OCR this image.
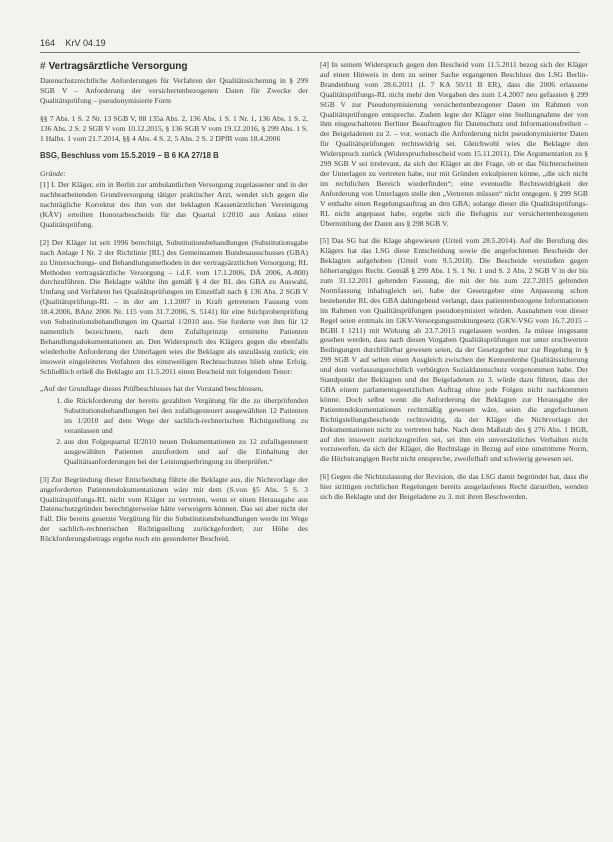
164 KrV 04.19
# Vertragsärztliche Versorgung

Datenschutzrechtliche Anforderungen für Verfahren der Qualitätssicherung in § 299 SGB V – Anforderung der versichertenbezogenen Daten für Zwecke der Qualitätsprüfung – pseudonymisierte Form

§§ 7 Abs. 1 S. 2 Nr. 13 SGB V, 88 135a Abs. 2, 136 Abs. 1 S. 1 Nr. 1, 136 Abs. 1 S. 2, 136 Abs. 2 S. 2 SGB V vom 10.12.2015, § 136 SGB V vom 19.12.2016, § 299 Abs. 1 S. 1 Halbs. 1 vom 21.7.2014, §§ 4 Abs. 4 S. 2, 5 Abs. 2 S. 2 DPfR vom 18.4.2006

BSG, Beschluss vom 15.5.2019 – B 6 KA 27/18 B
Gründe:

[1] I. Der Kläger, ein in Berlin zur ambulantlichen Versorgung zugelassener und in der nachbearbeitenden Grundversorgung tätiger praktischer Arzt, wendet sich gegen die nachträgliche Korrektur des ihm von der beklagten Kassenärztlichen Vereinigung (KÄV) erteilten Honorarbescheids für das Quartal 1/2010 aus Anlass einer Qualitätsprüfung.

[2] Der Kläger ist seit 1996 berechtigt, Substitutionsbehandlungen (Substitutionsgabe nach Anlage I Nr. 2 der Richtlinie [RL] des Gemeinsamen Bundesausschusses (GBA) zu Untersuchungs- und Behandlungsmethoden in der vertragsärztlichen Versorgung; RL Methoden vertragsärztliche Versorgung – i.d.F. vom 17.1.2006, DÄ 2006, A-800) durchzuführen. Die Beklagte wählte ihn gemäß § 4 der RL des GBA zu Auswahl, Umfang und Verfahren bei Qualitätsprüfungen im Einzelfall nach § 136 Abs. 2 SGB V (Qualitätsprüfungs-RL – in der am 1.1.2007 in Kraft getretenen Fassung vom 18.4.2006, BAnz 2006 Nr. 115 vom 31.7.2006, S. 5141) für eine Stichprobenprüfung von Substitutionsbehandlungen im Quartal 1/2010 aus. Sie forderte von ihm für 12 namentlich bezeichnete, nach dem Zufallsprinzip ermittelte Patienten Behandlungsdokumentationen an. Den Widerspruch des Klägers gegen die ebenfalls wiederholte Anforderung der Unterlagen wies die Beklagte als unzulässig zurück; ein insoweit eingeleitetes Verfahren des einstweiligen Rechtsschutzes blieb ohne Erfolg. Schließlich erließ die Beklagte am 11.5.2011 einen Bescheid mit folgendem Tenor:

„Auf der Grundlage dieses Prüfbeschlusses hat der Vorstand beschlossen,
1. die Rückforderung der bereits gezahlten Vergütung für die zu überprüfenden Substitutionsbehandlungen bei den zufallsgesteuert ausgewählten 12 Patienten im 1/2010 auf dem Wege der sachlich-rechnerischen Richtigstellung zu veranlassen und
2. aus den Folgequartal II/2010 neuen Dokumentationen zu 12 zufallsgesteuert ausgewählten Patienten anzufordern und auf die Einhaltung der Qualitätsanforderungen bei der Leistungserbringung zu überprüfen.“

[3] Zur Begründung dieser Entscheidung führte die Beklagte aus, die Nichtvorlage der angeforderten Patientendokumentationen wäre mit dem (S.von §5 Abs. 5 S. 3 Qualitätsprüfungs-RL nicht vom Kläger zu vertreten, wenn er einen Herausgabe aus Datenschutzgründen berechtigterweise hätte verweigern können. Das sei aber nicht der Fall. Die bereits gesetzte Vergütung für die Substitutionsbehandlungen werde im Wege der sachlich-rechnerischen Richtigstellung zurückgefordert; zur Höhe des Rückforderungsbetrags ergehe noch ein gesonderter Bescheid.

[4] In seinem Widerspruch gegen den Bescheid vom 11.5.2011 bezog sich der Kläger auf einen Hinweis in dem zu seiner Sache ergangenen Beschluss des LSG Berlin-Brandenburg vom 28.6.2011 (L 7 KA 50/11 B ER), dass die 2006 erlassene Qualitätsprüfungs-RL nicht mehr den Vorgaben des zum 1.4.2007 neu gefassten § 299 SGB V zur Pseudonymisierung versichertenbezogener Daten im Rahmen von Qualitätsprüfungen entspreche. Zudem legte der Kläger eine Stellungnahme der von ihm eingeschalteten Berliner Beauftragten für Datenschutz und Informationsfreiheit – der Beigeladenen zu 2. – vor, wonach die Anforderung nicht pseudonymisierter Daten für Qualitätsprüfungen rechtswidrig sei. Gleichwohl wies die Beklagte den Widerspruch zurück (Widerspruchsbescheid vom 15.11.2011). Die Argumentation zu § 299 SGB V sei irrelevant, da sich der Kläger an der Frage, ob er das Nichterscheinen der Unterlagen zu vertreten habe, nur mit Gründen exkulpieren könne, „die sich nicht im rechtlichen Bereich wiederfinden“; eine eventuelle Rechtswidrigkeit der Anforderung von Unterlagen stelle den „Vertreten müssen“ nicht entgegen. § 299 SGB V enthalte einen Regelungsauftrag an den GBA; solange dieser die Qualitätsprüfungs-RL nicht angepasst habe, ergebe sich die Befugnis zur versichertenbezogenen Übermittlung der Daten aus § 298 SGB V.

[5] Das SG hat die Klage abgewiesen (Urteil vom 28.5.2014). Auf die Berufung des Klägers hat das LSG diese Entscheidung sowie die angefochtenen Bescheide der Beklagten aufgehoben (Urteil vom 9.5.2018). Die Bescheide verstießen gegen höherrangiges Recht. Gemäß § 299 Abs. 1 S. 1 Nr. 1 und S. 2 Abs. 2 SGB V in der bis zum 31.12.2011 geltenden Fassung, die mit der bis zum 22.7.2015 geltenden Normfassung inhaltsgleich sei, habe der Gesetzgeber eine Anpassung schon bestehender RL des GBA dahingehend verlangt, dass patientenbezogene Informationen im Rahmen von Qualitätsprüfungen pseudonymisiert würden. Ausnahmen von dieser Regel seien erstmals im GKV-Versorgungsstrukturgesetz (GKV-VSG vom 16.7.2015 – BGBl I 1211) mit Wirkung ab 23.7.2015 zugelassen worden. Ja müsse insgesamt gesehen werden, dass nach diesen Vorgaben Qualitätsprüfungen nur unter erschwerten Bedingungen durchführbar gewesen seien, da der Gesetzgeber nur zur Regelung in § 299 SGB V auf selten einen Ausgleich zwischen der Kennenlenbe Qualitätssicherung und dem verfassungsrechtlich verbürgten Sozialdatenschutz vorgenommen habe. Der Standpunkt der Beklagten und der Beigeladenen zu 3. würde dazu führen, dass der GBA einem parlamentsgesetzlichen Auftrag ohne jede Folgen nicht nachkommen könne. Doch selbst wenn die Anforderung der Beklagten zur Herausgabe der Patientendokumentationen rechtmäßig gewesen wäre, seien die angefochtenen Richtigstellungsbescheide rechtswidrig, da der Kläger die Nichtvorlage der Dokumentationen nicht zu vertreten habe. Nach dem Maßstab des § 276 Abs. 1 BGB, auf den insoweit zurückzugreifen sei, sei ihm ein unvorsätzliches Verhalten nicht vorzuwerfen, da sich der Kläger, die Rechtslage in Bezug auf eine umstrittene Norm, die Höchstrangigen Recht nicht entspreche, zweifelhaft und schwierig gewesen sei.

[6] Gegen die Nichtzulassung der Revision, die das LSG damit begründet hat, dass die hier strittigen rechtlichen Regelungen bereits ausgelaufenes Recht darstellen, wenden sich die Beklagte und der Beigeladene zu 3. mit ihren Beschwerden.
